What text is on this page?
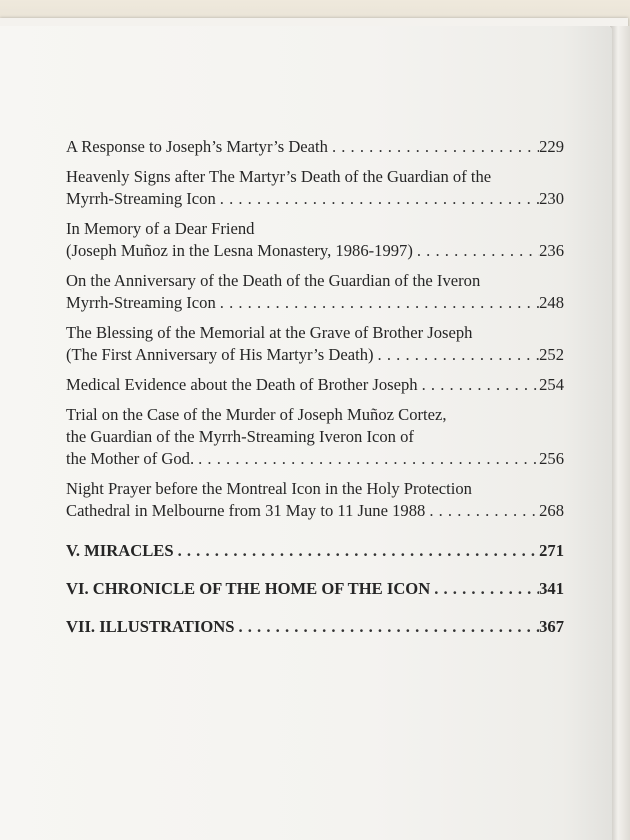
A Response to Joseph’s Martyr’s Death . . .	229
Heavenly Signs after The Martyr’s Death of the Guardian of the
Myrrh-Streaming Icon . . .	230
In Memory of a Dear Friend
(Joseph Muñoz in the Lesna Monastery, 1986-1997) . . .	236
On the Anniversary of the Death of the Guardian of the Iveron
Myrrh-Streaming Icon . . .	248
The Blessing of the Memorial at the Grave of Brother Joseph
(The First Anniversary of His Martyr’s Death) . . .	252
Medical Evidence about the Death of Brother Joseph . . .	254
Trial on the Case of the Murder of Joseph Muñoz Cortez,
the Guardian of the Myrrh-Streaming Iveron Icon of
the Mother of God. . . .	256
Night Prayer before the Montreal Icon in the Holy Protection
Cathedral in Melbourne from 31 May to 11 June 1988 . . .	268
V. MIRACLES . . .	271
VI. CHRONICLE OF THE HOME OF THE ICON . . .	341
VII. ILLUSTRATIONS . . .	367
